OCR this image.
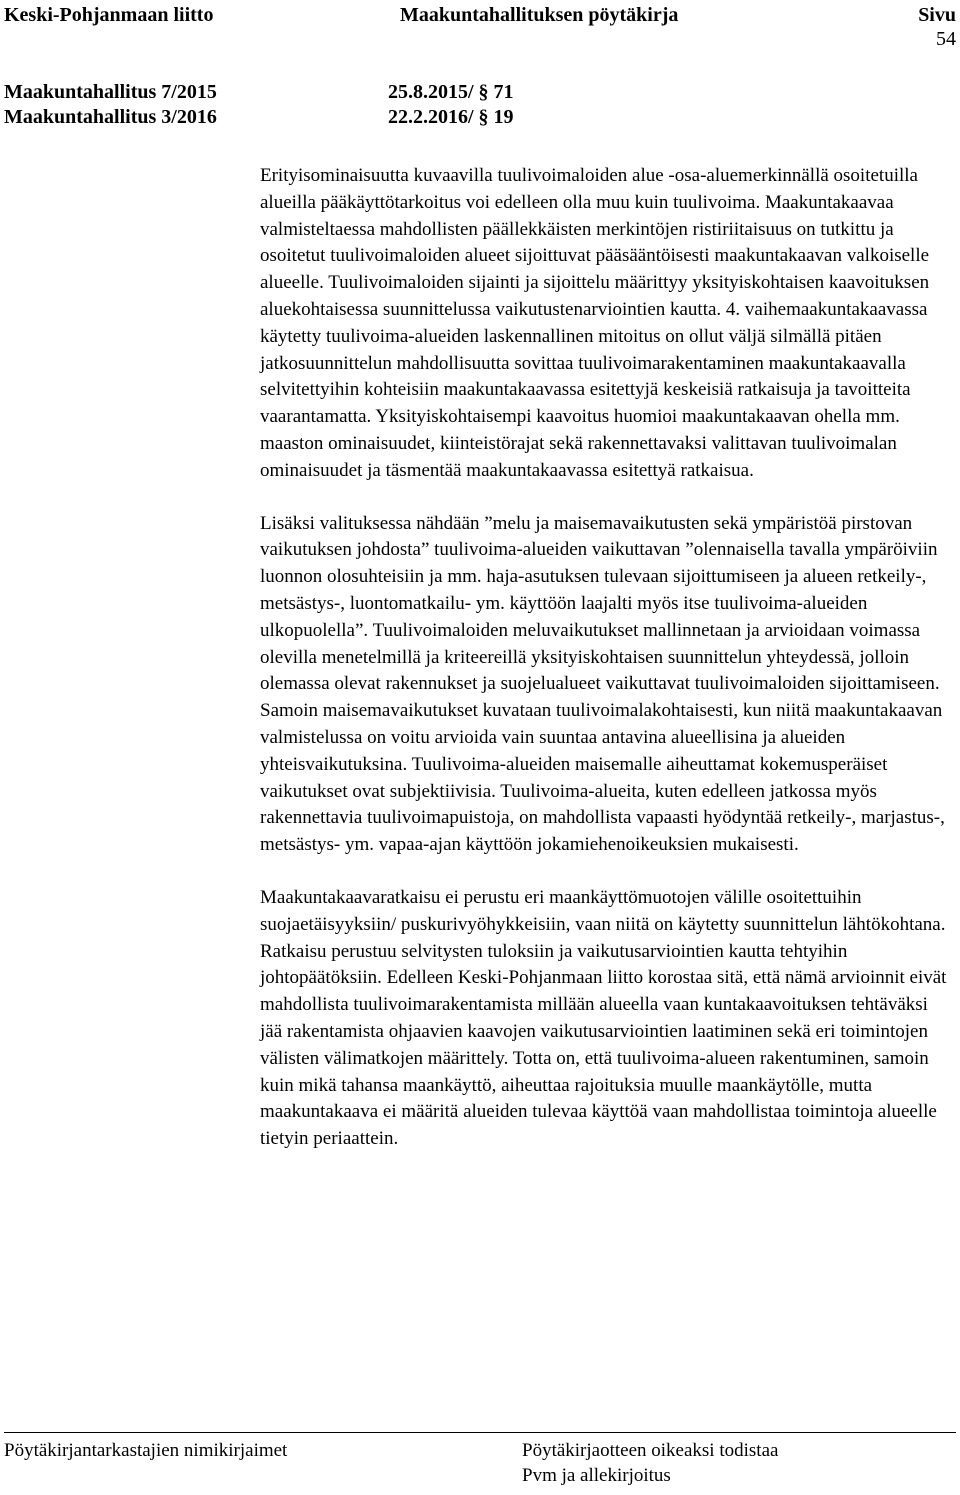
Keski-Pohjanmaan liitto	Maakuntahallituksen pöytäkirja	Sivu
54
Maakuntahallitus 7/2015	25.8.2015/ § 71
Maakuntahallitus 3/2016	22.2.2016/ § 19

Erityisominaisuutta kuvaavilla tuulivoimaloiden alue -osa-aluemerkinnällä osoitetuilla alueilla pääkäyttötarkoitus voi edelleen olla muu kuin tuulivoima. Maakuntakaavaa valmisteltaessa mahdollisten päällekkäisten merkintöjen ristiriitaisuus on tutkittu ja osoitetut tuulivoimaloiden alueet sijoittuvat pääsääntöisesti maakuntakaavan valkoiselle alueelle. Tuulivoimaloiden sijainti ja sijoittelu määrittyy yksityiskohtaisen kaavoituksen aluekohtaisessa suunnittelussa vaikutustenarviointien kautta. 4. vaihemaakuntakaavassa käytetty tuulivoima-alueiden laskennallinen mitoitus on ollut väljä silmällä pitäen jatkosuunnittelun mahdollisuutta sovittaa tuulivoimarakentaminen maakuntakaavalla selvitettyihin kohteisiin maakuntakaavassa esitettyjä keskeisiä ratkaisuja ja tavoitteita vaarantamatta. Yksityiskohtaisempi kaavoitus huomioi maakuntakaavan ohella mm. maaston ominaisuudet, kiinteistörajat sekä rakennettavaksi valittavan tuulivoimalan ominaisuudet ja täsmentää maakuntakaavassa esitettyä ratkaisua.

Lisäksi valituksessa nähdään ”melu ja maisemavaikutusten sekä ympäristöä pirstovan vaikutuksen johdosta” tuulivoima-alueiden vaikuttavan ”olennaisella tavalla ympäröiviin luonnon olosuhteisiin ja mm. haja-asutuksen tulevaan sijoittumiseen ja alueen retkeily-, metsästys-, luontomatkailu- ym. käyttöön laajalti myös itse tuulivoima-alueiden ulkopuolella”. Tuulivoimaloiden meluvaikutukset mallinnetaan ja arvioidaan voimassa olevilla menetelmillä ja kriteereillä yksityiskohtaisen suunnittelun yhteydessä, jolloin olemassa olevat rakennukset ja suojelualueet vaikuttavat tuulivoimaloiden sijoittamiseen. Samoin maisemavaikutukset kuvataan tuulivoimalakohtaisesti, kun niitä maakuntakaavan valmistelussa on voitu arvioida vain suuntaa antavina alueellisina ja alueiden yhteisvaikutuksina. Tuulivoima-alueiden maisemalle aiheuttamat kokemusperäiset vaikutukset ovat subjektiivisia. Tuulivoima-alueita, kuten edelleen jatkossa myös rakennettavia tuulivoimapuistoja, on mahdollista vapaasti hyödyntää retkeily-, marjastus-, metsästys- ym. vapaa-ajan käyttöön jokamiehenoikeuksien mukaisesti.

Maakuntakaavaratkaisu ei perustu eri maankäyttömuotojen välille osoitettuihin suojaetäisyyksiin/ puskurivyöhykkeisiin, vaan niitä on käytetty suunnittelun lähtökohtana. Ratkaisu perustuu selvitysten tuloksiin ja vaikutusarviointien kautta tehtyihin johtopäätöksiin. Edelleen Keski-Pohjanmaan liitto korostaa sitä, että nämä arvioinnit eivät mahdollista tuulivoimarakentamista millään alueella vaan kuntakaavoituksen tehtäväksi jää rakentamista ohjaavien kaavojen vaikutusarviointien laatiminen sekä eri toimintojen välisten välimatkojen määrittely. Totta on, että tuulivoima-alueen rakentuminen, samoin kuin mikä tahansa maankäyttö, aiheuttaa rajoituksia muulle maankäytölle, mutta maakuntakaava ei määritä alueiden tulevaa käyttöä vaan mahdollistaa toimintoja alueelle tietyin periaattein.

Pöytäkirjantarkastajien nimikirjaimet	Pöytäkirjaotteen oikeaksi todistaa
Pvm ja allekirjoitus
